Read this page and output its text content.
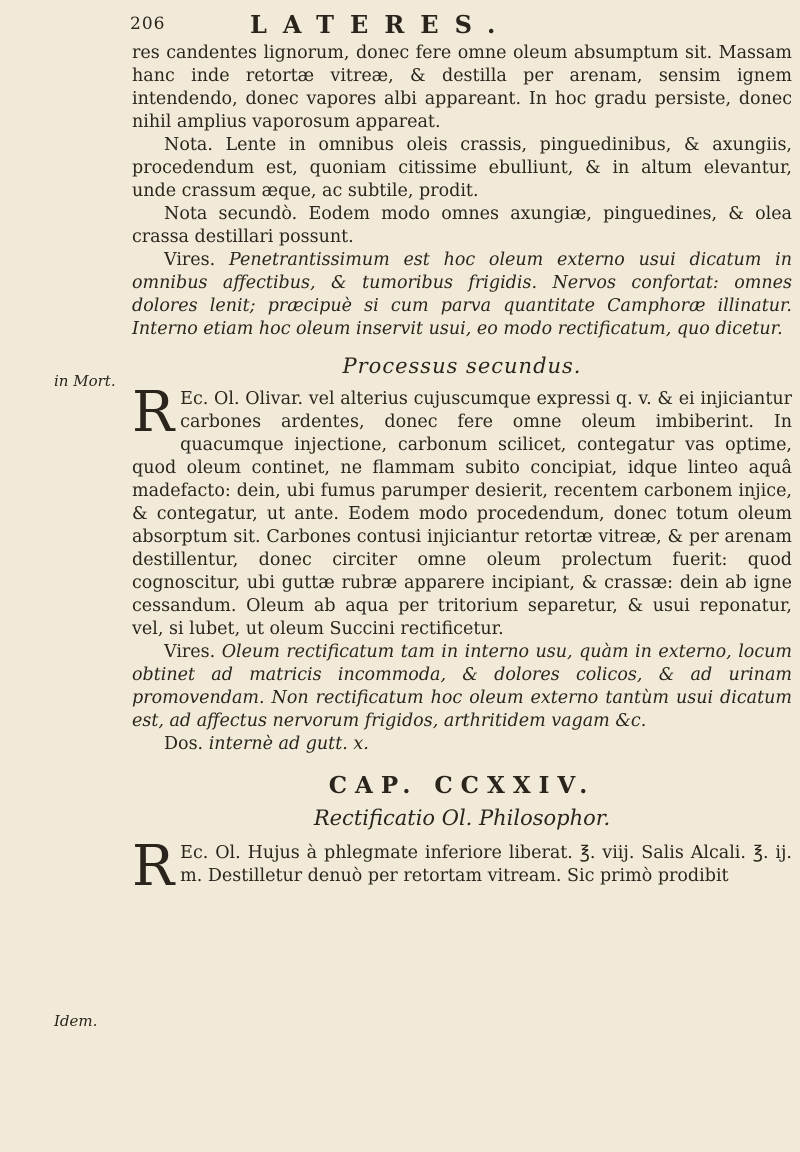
206	LATERES.
in Mort.
Idem.

res candentes lignorum, donec fere omne oleum absumptum sit. Massam hanc inde retortæ vitreæ, & destilla per arenam, sensim ignem intendendo, donec vapores albi appareant. In hoc gradu persiste, donec nihil amplius vaporosum appareat.

Nota. Lente in omnibus oleis crassis, pinguedinibus, & axungiis, procedendum est, quoniam citissime ebulliunt, & in altum elevantur, unde crassum æque, ac subtile, prodit.

Nota secundò. Eodem modo omnes axungiæ, pinguedines, & olea crassa destillari possunt.

Vires. Penetrantissimum est hoc oleum externo usui dicatum in omnibus affectibus, & tumoribus frigidis. Nervos confortat: omnes dolores lenit; præcipuè si cum parva quantitate Camphoræ illinatur. Interno etiam hoc oleum inservit usui, eo modo rectificatum, quo dicetur.

Processus secundus.

R Ec. Ol. Olivar. vel alterius cujuscumque expressi q. v. & ei injiciantur carbones ardentes, donec fere omne oleum imbiberint. In quacumque injectione, carbonum scilicet, contegatur vas optime, quod oleum continet, ne flammam subito concipiat, idque linteo aquâ madefacto: dein, ubi fumus parumper desierit, recentem carbonem injice, & contegatur, ut ante. Eodem modo procedendum, donec totum oleum absorptum sit. Carbones contusi injiciantur retortæ vitreæ, & per arenam destillentur, donec circiter omne oleum prolectum fuerit: quod cognoscitur, ubi guttæ rubræ apparere incipiant, & crassæ: dein ab igne cessandum. Oleum ab aqua per tritorium separetur, & usui reponatur, vel, si lubet, ut oleum Succini rectificetur.

Vires. Oleum rectificatum tam in interno usu, quàm in externo, locum obtinet ad matricis incommoda, & dolores colicos, & ad urinam promovendam. Non rectificatum hoc oleum externo tantùm usui dicatum est, ad affectus nervorum frigidos, arthritidem vagam &c.

Dos. internè ad gutt. x.

CAP. CCXXIV.
Rectificatio Ol. Philosophor.

R Ec. Ol. Hujus à phlegmate inferiore liberat. ℥. viij. Salis Alcali. ℥. ij. m. Destilletur denuò per retortam vitream. Sic primò prodibit
